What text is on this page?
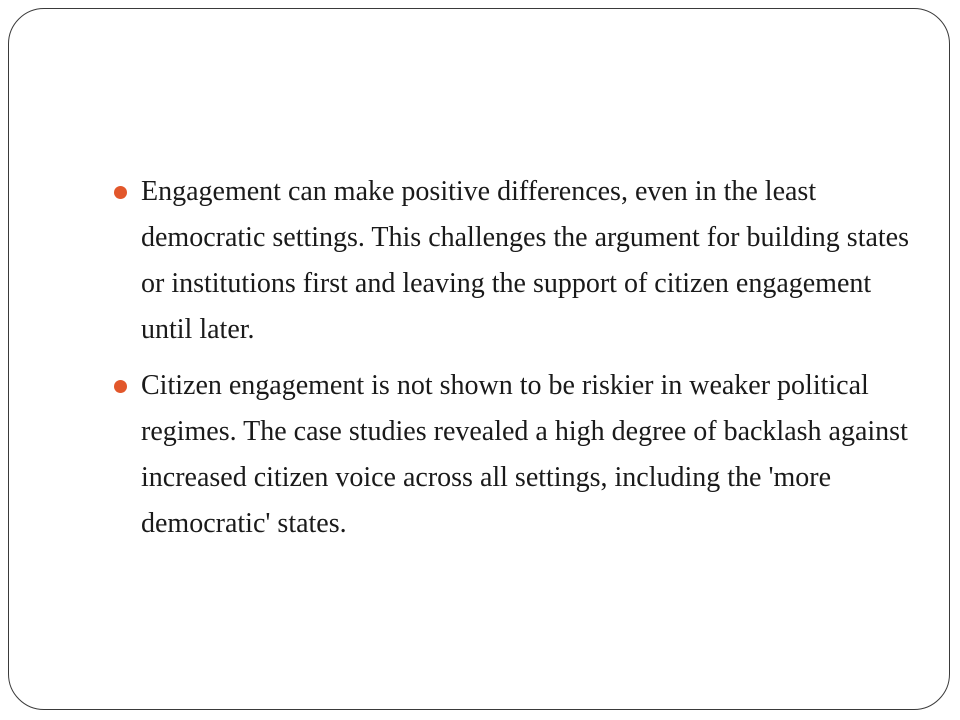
Engagement can make positive differences, even in the least democratic settings. This challenges the argument for building states or institutions first and leaving the support of citizen engagement until later.
Citizen engagement is not shown to be riskier in weaker political regimes. The case studies revealed a high degree of backlash against increased citizen voice across all settings, including the 'more democratic' states.
